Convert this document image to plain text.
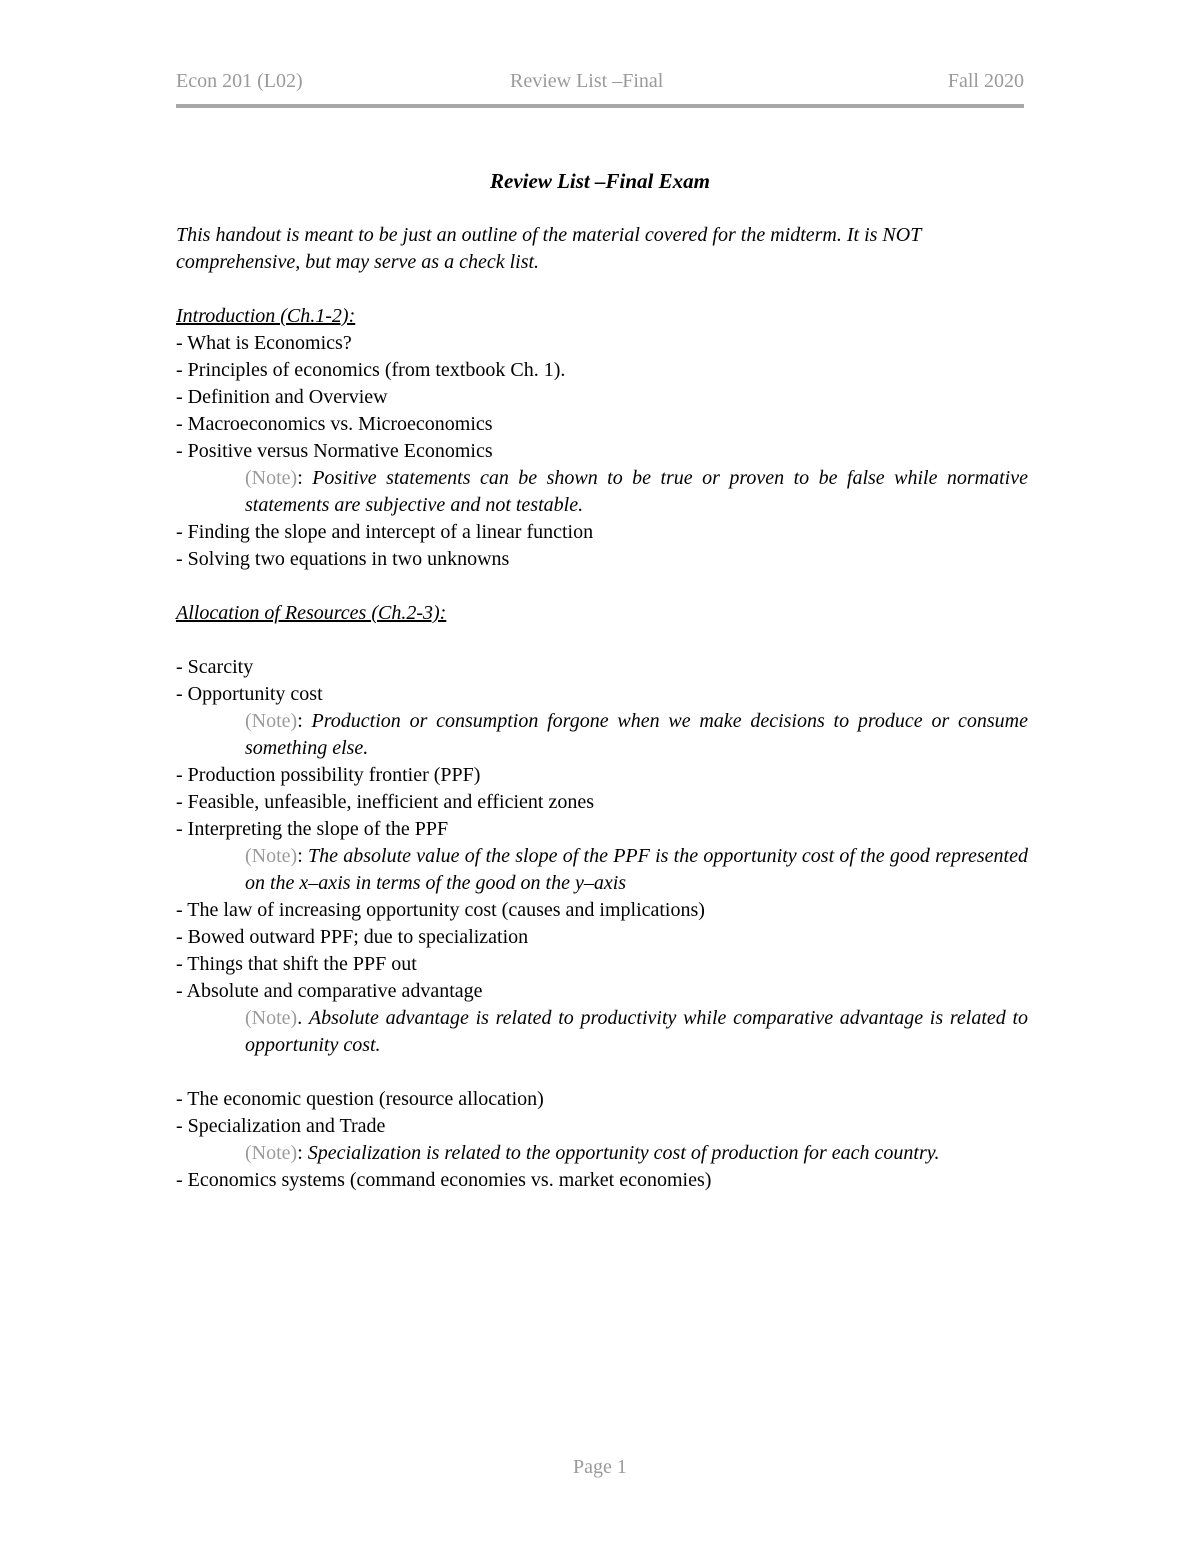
Econ 201 (L02)	Review List –Final	Fall 2020
Review List –Final Exam

This handout is meant to be just an outline of the material covered for the midterm. It is NOT comprehensive, but may serve as a check list.

Introduction (Ch.1-2):

- What is Economics?

- Principles of economics (from textbook Ch. 1).

- Definition and Overview

- Macroeconomics vs. Microeconomics

- Positive versus Normative Economics

(Note): Positive statements can be shown to be true or proven to be false while normative statements are subjective and not testable.

- Finding the slope and intercept of a linear function

- Solving two equations in two unknowns

Allocation of Resources (Ch.2-3):

- Scarcity

- Opportunity cost

(Note): Production or consumption forgone when we make decisions to produce or consume something else.

- Production possibility frontier (PPF)

- Feasible, unfeasible, inefficient and efficient zones

- Interpreting the slope of the PPF

(Note): The absolute value of the slope of the PPF is the opportunity cost of the good represented on the x–axis in terms of the good on the y–axis

- The law of increasing opportunity cost (causes and implications)

- Bowed outward PPF; due to specialization

- Things that shift the PPF out

- Absolute and comparative advantage

(Note). Absolute advantage is related to productivity while comparative advantage is related to opportunity cost.

- The economic question (resource allocation)

- Specialization and Trade

(Note): Specialization is related to the opportunity cost of production for each country.

- Economics systems (command economies vs. market economies)

Page 1
